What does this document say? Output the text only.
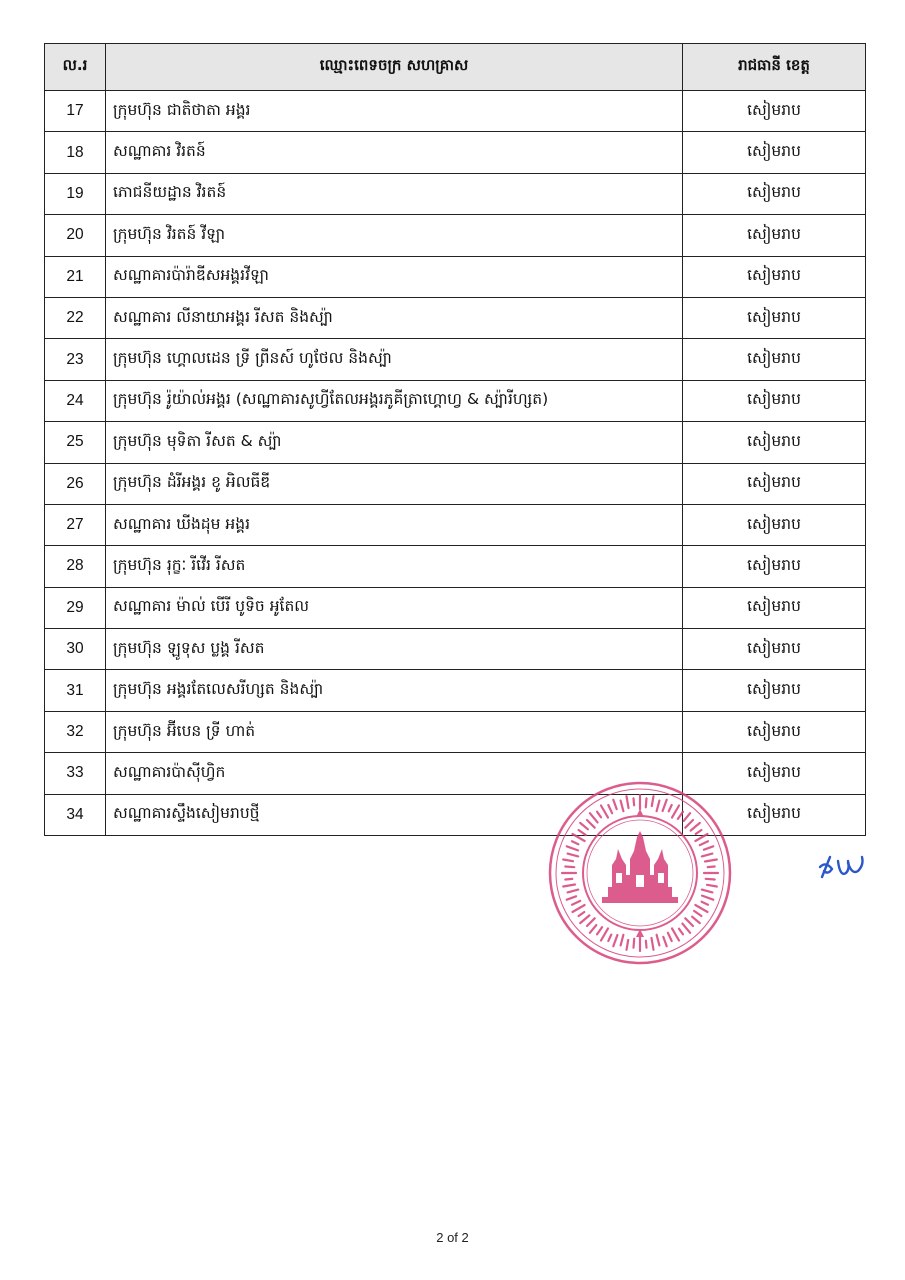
ល.រ	ឈ្មោះពេទចក្រ សហគ្រាស	រាជធានី ខេត្ត
17	ក្រុមហ៊ុន ជាតិថាតា អង្គរ	សៀមរាប
18	សណ្ឋាគារ វិរតន៍	សៀមរាប
19	ភោជនីយដ្ឋាន វិរតន៍	សៀមរាប
20	ក្រុមហ៊ុន វិរតន៍ វីឡា	សៀមរាប
21	សណ្ឋាគារប៉ារ៉ាឌីសអង្គរវីឡា	សៀមរាប
22	សណ្ឋាគារ លីនាយាអង្គរ រីសត និងស្ប៉ា	សៀមរាប
23	ក្រុមហ៊ុន ហ្គោលដេន ទ្រី ព្រីនស៍ ហូថែល និងស្ប៉ា	សៀមរាប
24	ក្រុមហ៊ុន រ៉ូយ៉ាល់អង្គរ (សណ្ឋាគារសូហ្វីតែលអង្គរភូគីត្រាហ្គោហ្វ & ស្ប៉ារីហ្សត)	សៀមរាប
25	ក្រុមហ៊ុន មុទិតា រីសត & ស្ប៉ា	សៀមរាប
26	ក្រុមហ៊ុន ដំរីអង្គរ ខូ អិលធីឌី	សៀមរាប
27	សណ្ឋាគារ ឃីងដុម អង្គរ	សៀមរាប
28	ក្រុមហ៊ុន រុក្ខៈ រីវើរ រីសត	សៀមរាប
29	សណ្ឋាគារ ម៉ាល់ បើរី បូទិច អូតែល	សៀមរាប
30	ក្រុមហ៊ុន ឡូទុស ប្លង្គ រីសត	សៀមរាប
31	ក្រុមហ៊ុន អង្គរតែលេសរីហ្សត និងស្ប៉ា	សៀមរាប
32	ក្រុមហ៊ុន អ៊ីបេន ទ្រី ហាត់	សៀមរាប
33	សណ្ឋាគារប៉ាស៊ីហ្វិក	សៀមរាប
34	សណ្ឋាគារស្ទឹងសៀមរាបថ្មី	សៀមរាប
2 of 2
